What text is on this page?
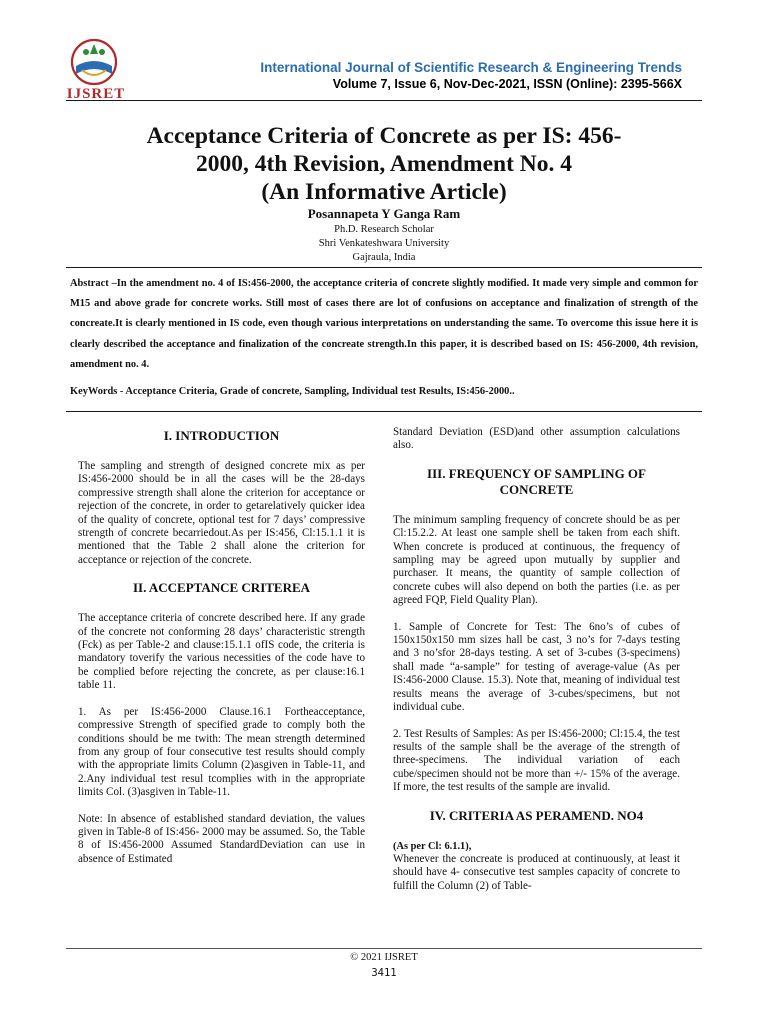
IJSRET
International Journal of Scientific Research & Engineering Trends
Volume 7, Issue 6, Nov-Dec-2021, ISSN (Online): 2395-566X
Acceptance Criteria of Concrete as per IS: 456-
2000, 4th Revision, Amendment No. 4
(An Informative Article)
Posannapeta Y Ganga Ram
Ph.D. Research Scholar
Shri Venkateshwara University
Gajraula, India
Abstract –In the amendment no. 4 of IS:456-2000, the acceptance criteria of concrete slightly modified. It made very simple and common for M15 and above grade for concrete works. Still most of cases there are lot of confusions on acceptance and finalization of strength of the concreate.It is clearly mentioned in IS code, even though various interpretations on understanding the same. To overcome this issue here it is clearly described the acceptance and finalization of the concreate strength.In this paper, it is described based on IS: 456-2000, 4th revision, amendment no. 4.
KeyWords - Acceptance Criteria, Grade of concrete, Sampling, Individual test Results, IS:456-2000..
I. INTRODUCTION

The sampling and strength of designed concrete mix as per IS:456-2000 should be in all the cases will be the 28-days compressive strength shall alone the criterion for acceptance or rejection of the concrete, in order to getarelatively quicker idea of the quality of concrete, optional test for 7 days’ compressive strength of concrete becarriedout.As per IS:456, Cl:15.1.1 it is mentioned that the Table 2 shall alone the criterion for acceptance or rejection of the concrete.

II. ACCEPTANCE CRITEREA

The acceptance criteria of concrete described here. If any grade of the concrete not conforming 28 days’ characteristic strength (Fck) as per Table-2 and clause:15.1.1 ofIS code, the criteria is mandatory toverify the various necessities of the code have to be complied before rejecting the concrete, as per clause:16.1 table 11.

1. As per IS:456-2000 Clause.16.1 Fortheacceptance, compressive Strength of specified grade to comply both the conditions should be me twith: The mean strength determined from any group of four consecutive test results should comply with the appropriate limits Column (2)asgiven in Table-11, and 2.Any individual test resul tcomplies with in the appropriate limits Col. (3)asgiven in Table-11.

Note: In absence of established standard deviation, the values given in Table-8 of IS:456- 2000 may be assumed. So, the Table 8 of IS:456-2000 Assumed StandardDeviation can use in absence of Estimated

Standard Deviation (ESD)and other assumption calculations also.

III. FREQUENCY OF SAMPLING OF CONCRETE

The minimum sampling frequency of concrete should be as per Cl:15.2.2. At least one sample shell be taken from each shift. When concrete is produced at continuous, the frequency of sampling may be agreed upon mutually by supplier and purchaser. It means, the quantity of sample collection of concrete cubes will also depend on both the parties (i.e. as per agreed FQP, Field Quality Plan).

1. Sample of Concrete for Test: The 6no’s of cubes of 150x150x150 mm sizes hall be cast, 3 no’s for 7-days testing and 3 no’sfor 28-days testing. A set of 3-cubes (3-specimens) shall made “a-sample” for testing of average-value (As per IS:456-2000 Clause. 15.3). Note that, meaning of individual test results means the average of 3-cubes/specimens, but not individual cube.

2. Test Results of Samples: As per IS:456-2000; Cl:15.4, the test results of the sample shall be the average of the strength of three-specimens. The individual variation of each cube/specimen should not be more than +/- 15% of the average. If more, the test results of the sample are invalid.

IV. CRITERIA AS PERAMEND. NO4
(As per Cl: 6.1.1),

Whenever the concreate is produced at continuously, at least it should have 4- consecutive test samples capacity of concrete to fulfill the Column (2) of Table-

© 2021 IJSRET
3411
